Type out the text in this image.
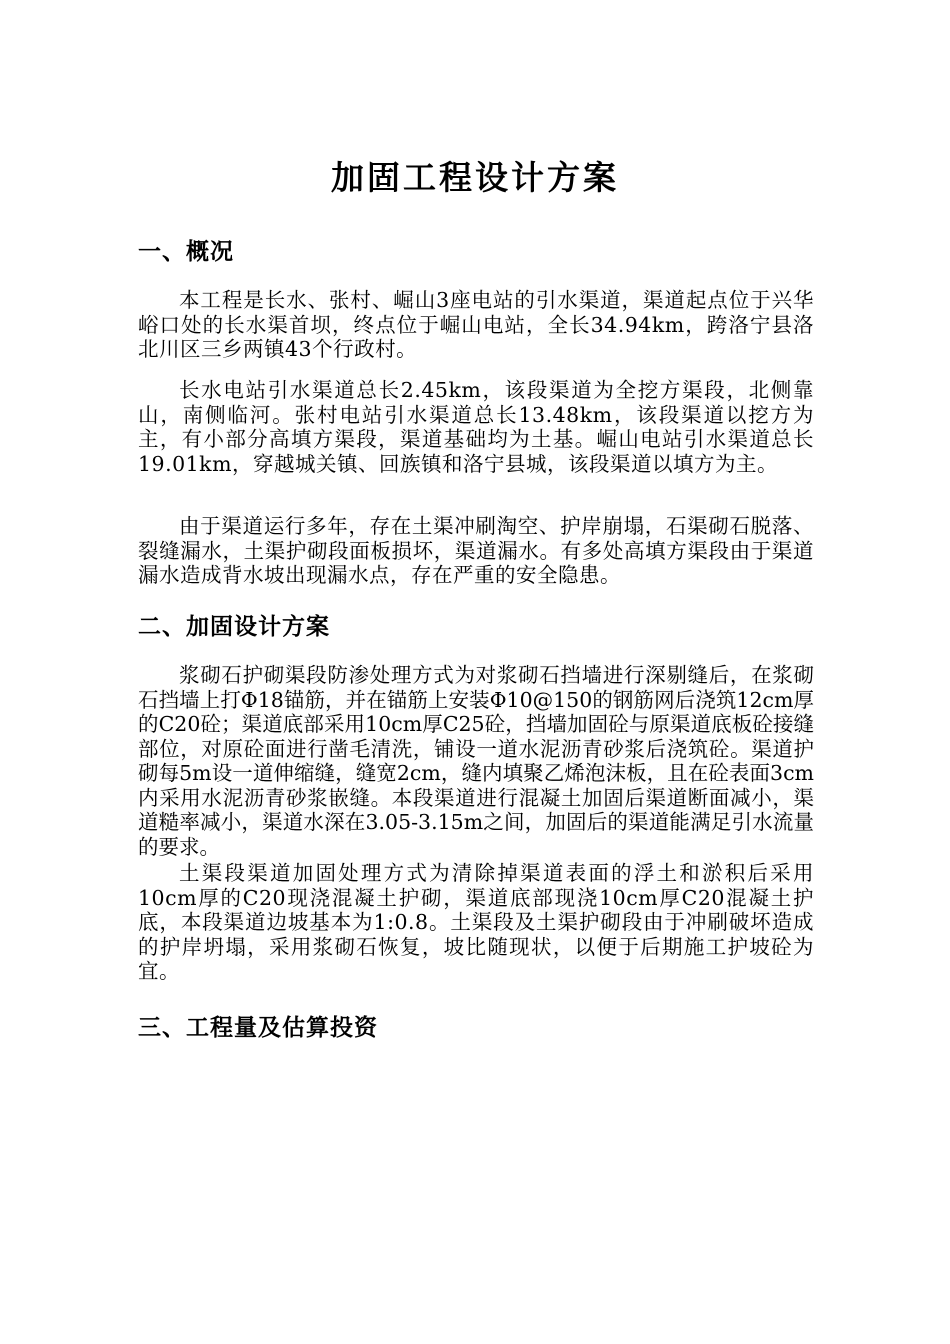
加固工程设计方案
一、概况

本工程是长水、张村、崛山3座电站的引水渠道，渠道起点位于兴华峪口处的长水渠首坝，终点位于崛山电站，全长34.94km，跨洛宁县洛北川区三乡两镇43个行政村。

长水电站引水渠道总长2.45km，该段渠道为全挖方渠段，北侧靠山，南侧临河。张村电站引水渠道总长13.48km，该段渠道以挖方为主，有小部分高填方渠段，渠道基础均为土基。崛山电站引水渠道总长19.01km，穿越城关镇、回族镇和洛宁县城，该段渠道以填方为主。

由于渠道运行多年，存在土渠冲刷淘空、护岸崩塌，石渠砌石脱落、裂缝漏水，土渠护砌段面板损坏，渠道漏水。有多处高填方渠段由于渠道漏水造成背水坡出现漏水点，存在严重的安全隐患。

二、加固设计方案

浆砌石护砌渠段防渗处理方式为对浆砌石挡墙进行深剔缝后，在浆砌石挡墙上打Φ18锚筋，并在锚筋上安装Φ10@150的钢筋网后浇筑12cm厚的C20砼；渠道底部采用10cm厚C25砼，挡墙加固砼与原渠道底板砼接缝部位，对原砼面进行凿毛清洗，铺设一道水泥沥青砂浆后浇筑砼。渠道护砌每5m设一道伸缩缝，缝宽2cm，缝内填聚乙烯泡沫板，且在砼表面3cm内采用水泥沥青砂浆嵌缝。本段渠道进行混凝土加固后渠道断面减小，渠道糙率减小，渠道水深在3.05-3.15m之间，加固后的渠道能满足引水流量的要求。

土渠段渠道加固处理方式为清除掉渠道表面的浮土和淤积后采用10cm厚的C20现浇混凝土护砌，渠道底部现浇10cm厚C20混凝土护底，本段渠道边坡基本为1:0.8。土渠段及土渠护砌段由于冲刷破坏造成的护岸坍塌，采用浆砌石恢复，坡比随现状，以便于后期施工护坡砼为宜。

三、工程量及估算投资
